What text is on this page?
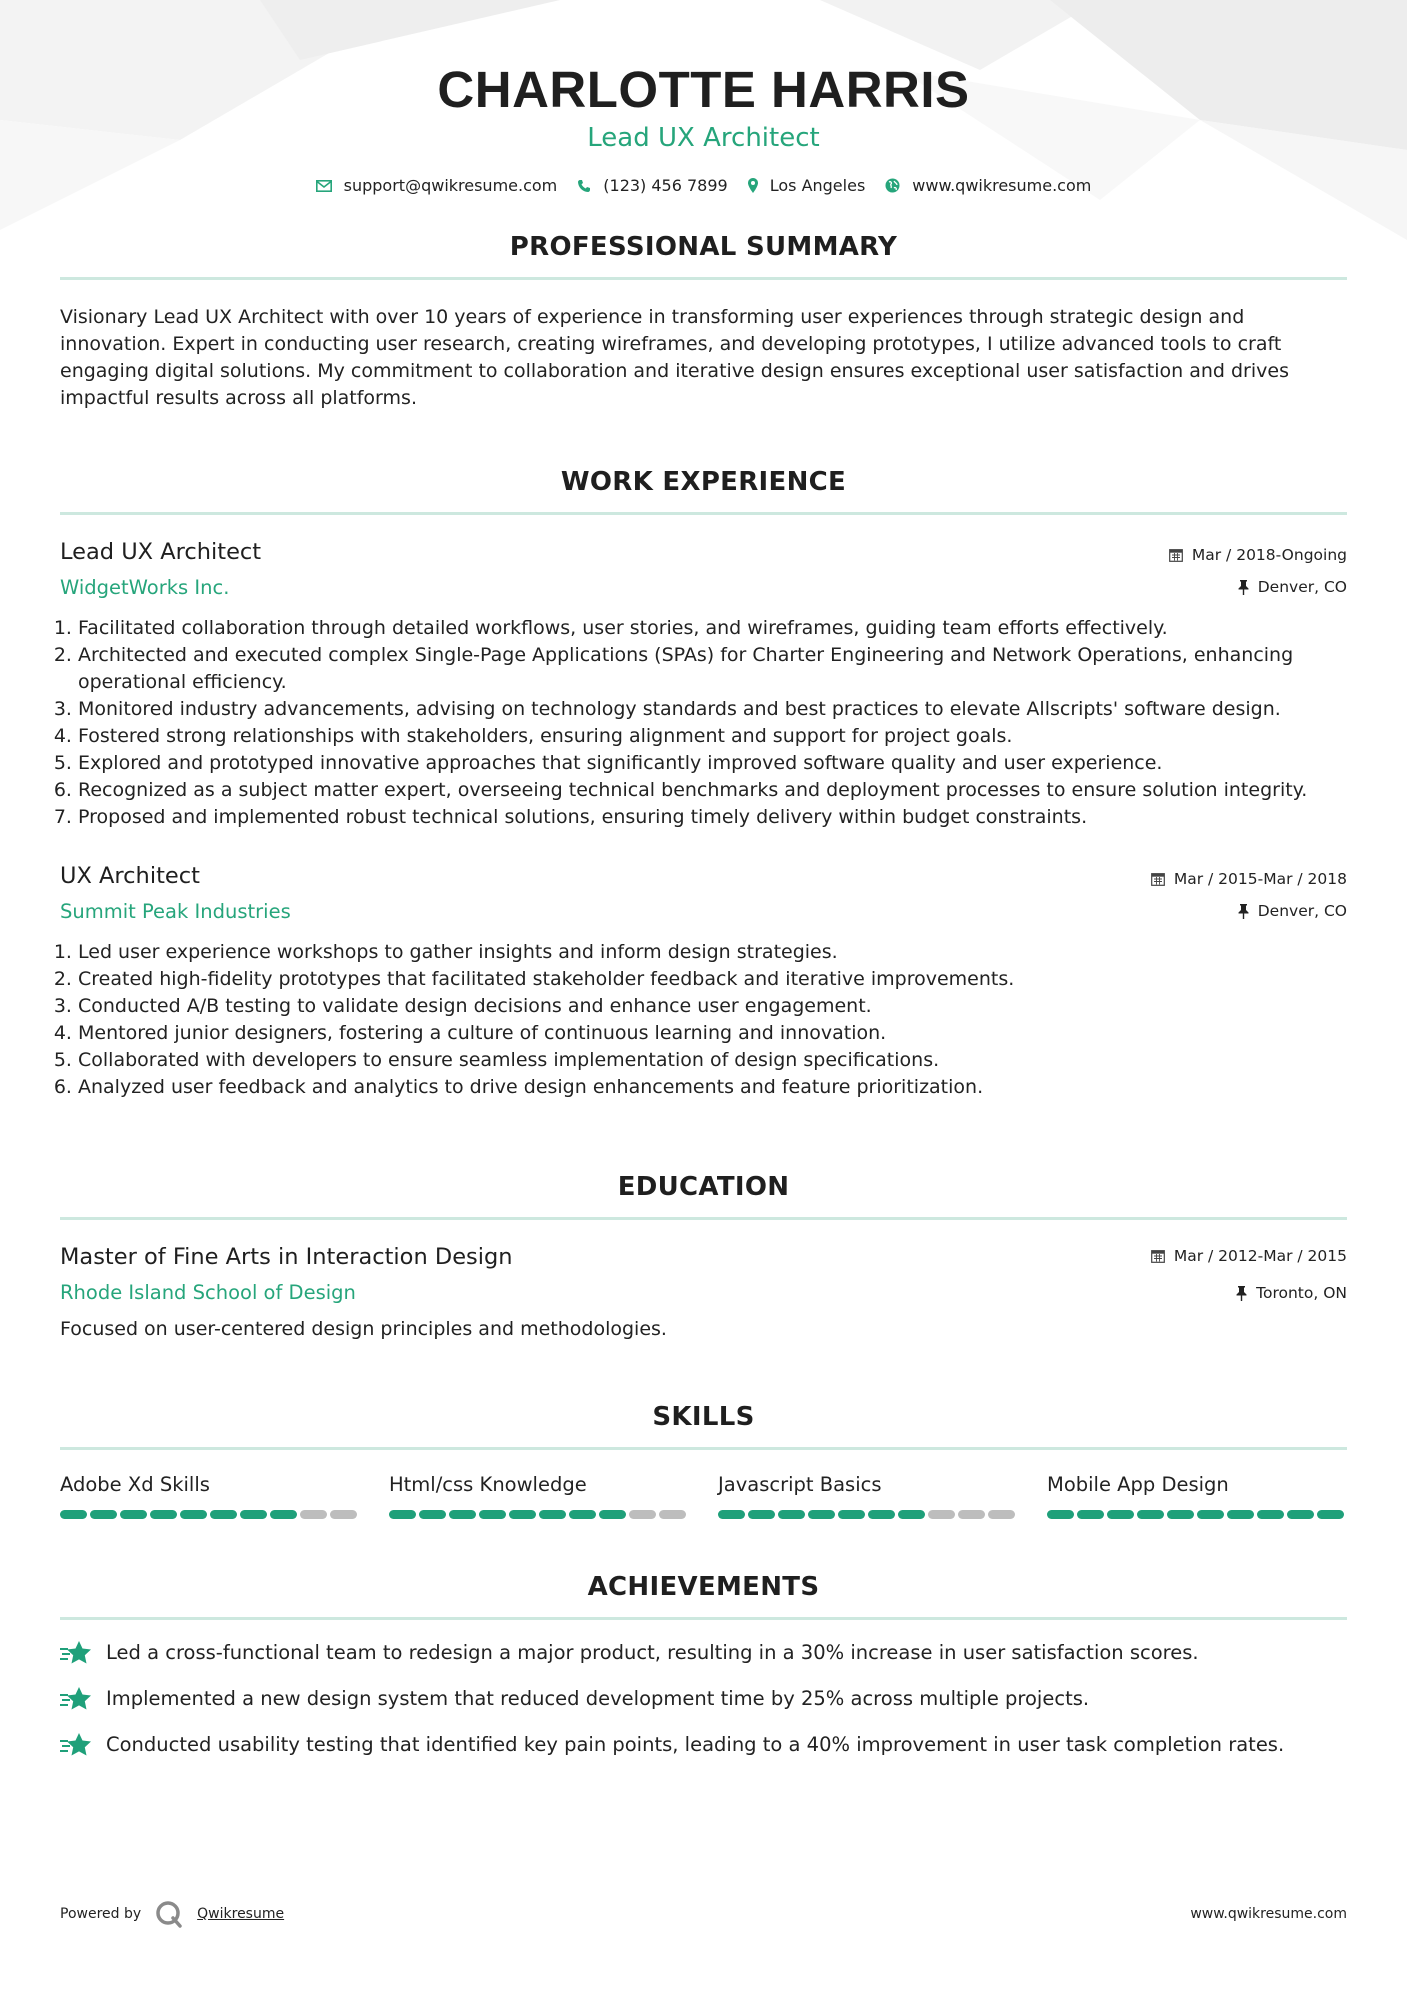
CHARLOTTE HARRIS
Lead UX Architect
support@qwikresume.com	(123) 456 7899	Los Angeles	www.qwikresume.com
PROFESSIONAL SUMMARY

Visionary Lead UX Architect with over 10 years of experience in transforming user experiences through strategic design and innovation. Expert in conducting user research, creating wireframes, and developing prototypes, I utilize advanced tools to craft engaging digital solutions. My commitment to collaboration and iterative design ensures exceptional user satisfaction and drives impactful results across all platforms.

WORK EXPERIENCE
Lead UX Architect
WidgetWorks Inc.
Mar / 2018-Ongoing
Denver, CO
1. Facilitated collaboration through detailed workflows, user stories, and wireframes, guiding team efforts effectively.
2. Architected and executed complex Single-Page Applications (SPAs) for Charter Engineering and Network Operations, enhancing operational efficiency.
3. Monitored industry advancements, advising on technology standards and best practices to elevate Allscripts' software design.
4. Fostered strong relationships with stakeholders, ensuring alignment and support for project goals.
5. Explored and prototyped innovative approaches that significantly improved software quality and user experience.
6. Recognized as a subject matter expert, overseeing technical benchmarks and deployment processes to ensure solution integrity.
7. Proposed and implemented robust technical solutions, ensuring timely delivery within budget constraints.
UX Architect
Summit Peak Industries
Mar / 2015-Mar / 2018
Denver, CO
1. Led user experience workshops to gather insights and inform design strategies.
2. Created high-fidelity prototypes that facilitated stakeholder feedback and iterative improvements.
3. Conducted A/B testing to validate design decisions and enhance user engagement.
4. Mentored junior designers, fostering a culture of continuous learning and innovation.
5. Collaborated with developers to ensure seamless implementation of design specifications.
6. Analyzed user feedback and analytics to drive design enhancements and feature prioritization.
EDUCATION
Master of Fine Arts in Interaction Design
Rhode Island School of Design
Mar / 2012-Mar / 2015
Toronto, ON

Focused on user-centered design principles and methodologies.

SKILLS
Adobe Xd Skills	Html/css Knowledge	Javascript Basics	Mobile App Design
ACHIEVEMENTS
Led a cross-functional team to redesign a major product, resulting in a 30% increase in user satisfaction scores.
Implemented a new design system that reduced development time by 25% across multiple projects.
Conducted usability testing that identified key pain points, leading to a 40% improvement in user task completion rates.
Powered by	Qwikresume	www.qwikresume.com
